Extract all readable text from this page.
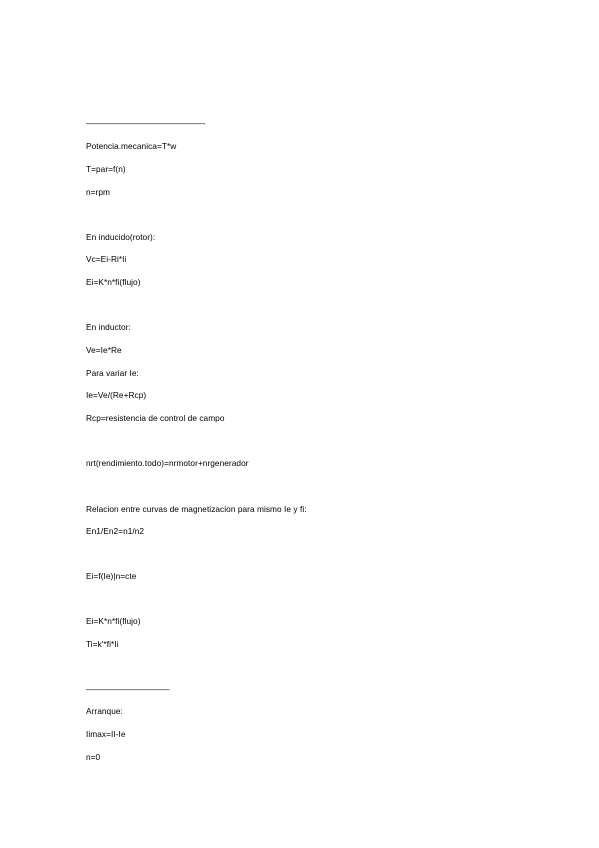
——————————————-
Potencia.mecanica=T*w
T=par=f(n)
n=rpm
En inducido(rotor):
Vc=Ei-Ri*Ii
Ei=K*n*fi(flujo)
En inductor:
Ve=Ie*Re
Para variar Ie:
Ie=Ve/(Re+Rcp)
Rcp=resistencia de control de campo
nrt(rendimiento.todo)=nrmotor+nrgenerador
Relacion entre curvas de magnetizacion para mismo Ie y fi:
En1/En2=n1/n2
Ei=f(Ie)|n=cte
Ei=K*n*fi(flujo)
Ti=k'*fi*Ii
——————————
Arranque:
Iimax=II-Ie
n=0
